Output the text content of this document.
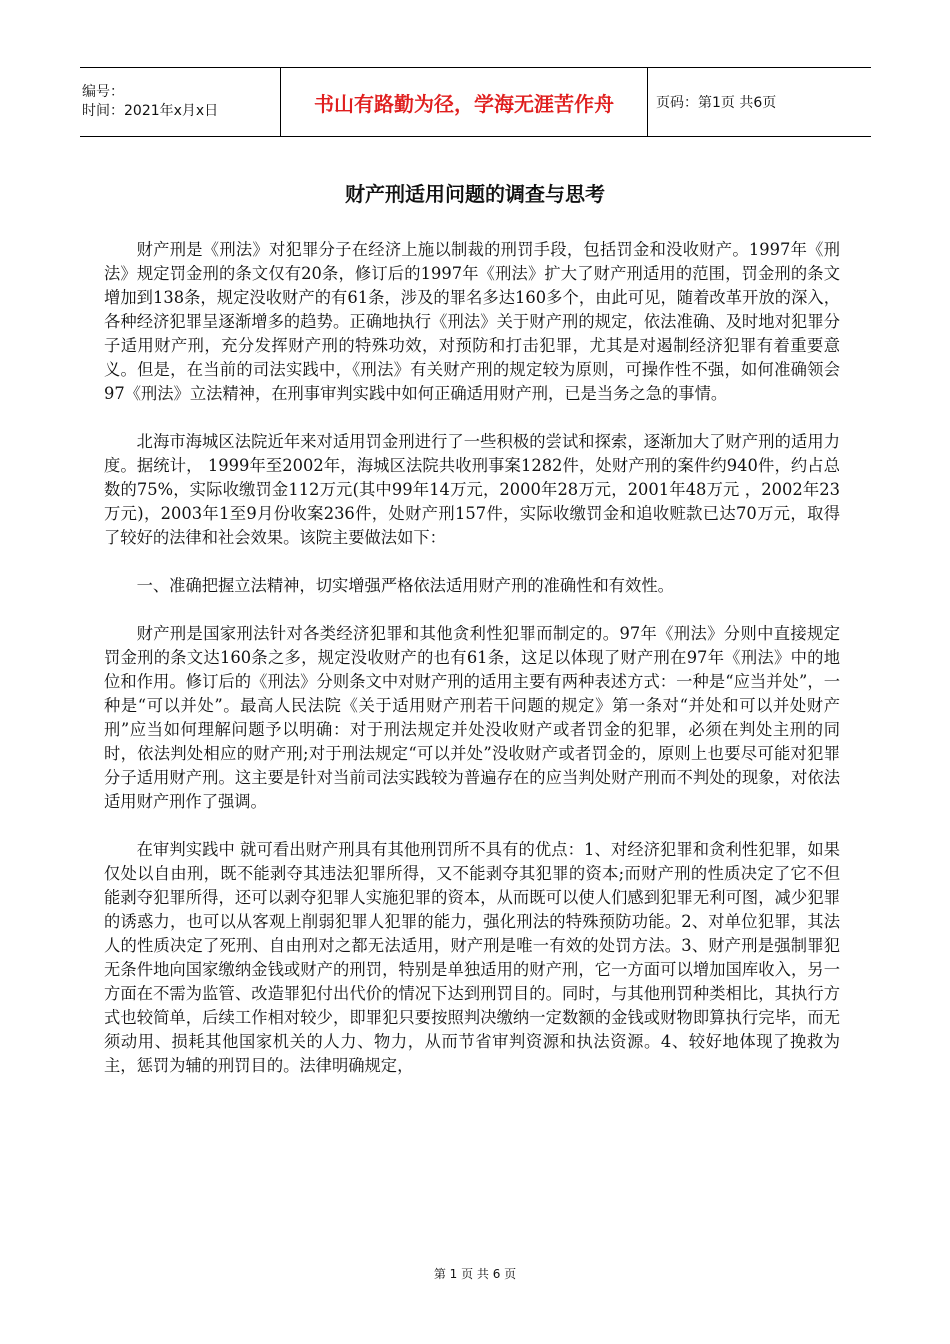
编号：
时间：2021年x月x日	书山有路勤为径，学海无涯苦作舟	页码：第1页 共6页
财产刑适用问题的调查与思考

财产刑是《刑法》对犯罪分子在经济上施以制裁的刑罚手段，包括罚金和没收财产。1997年《刑法》规定罚金刑的条文仅有20条，修订后的1997年《刑法》扩大了财产刑适用的范围，罚金刑的条文增加到138条，规定没收财产的有61条，涉及的罪名多达160多个，由此可见，随着改革开放的深入，各种经济犯罪呈逐渐增多的趋势。正确地执行《刑法》关于财产刑的规定，依法准确、及时地对犯罪分子适用财产刑，充分发挥财产刑的特殊功效，对预防和打击犯罪，尤其是对遏制经济犯罪有着重要意义。但是，在当前的司法实践中，《刑法》有关财产刑的规定较为原则，可操作性不强，如何准确领会97《刑法》立法精神，在刑事审判实践中如何正确适用财产刑，已是当务之急的事情。

北海市海城区法院近年来对适用罚金刑进行了一些积极的尝试和探索，逐渐加大了财产刑的适用力度。据统计， 1999年至2002年，海城区法院共收刑事案1282件，处财产刑的案件约940件，约占总数的75%，实际收缴罚金112万元(其中99年14万元，2000年28万元，2001年48万元 ，2002年23万元)，2003年1至9月份收案236件，处财产刑157件，实际收缴罚金和追收赃款已达70万元，取得了较好的法律和社会效果。该院主要做法如下：

一、准确把握立法精神，切实增强严格依法适用财产刑的准确性和有效性。

财产刑是国家刑法针对各类经济犯罪和其他贪利性犯罪而制定的。97年《刑法》分则中直接规定罚金刑的条文达160条之多，规定没收财产的也有61条，这足以体现了财产刑在97年《刑法》中的地位和作用。修订后的《刑法》分则条文中对财产刑的适用主要有两种表述方式：一种是“应当并处”，一种是“可以并处”。最高人民法院《关于适用财产刑若干问题的规定》第一条对“并处和可以并处财产刑”应当如何理解问题予以明确：对于刑法规定并处没收财产或者罚金的犯罪，必须在判处主刑的同时，依法判处相应的财产刑;对于刑法规定“可以并处”没收财产或者罚金的，原则上也要尽可能对犯罪分子适用财产刑。这主要是针对当前司法实践较为普遍存在的应当判处财产刑而不判处的现象，对依法适用财产刑作了强调。

在审判实践中 就可看出财产刑具有其他刑罚所不具有的优点：1、对经济犯罪和贪利性犯罪，如果仅处以自由刑，既不能剥夺其违法犯罪所得，又不能剥夺其犯罪的资本;而财产刑的性质决定了它不但能剥夺犯罪所得，还可以剥夺犯罪人实施犯罪的资本，从而既可以使人们感到犯罪无利可图，减少犯罪的诱惑力，也可以从客观上削弱犯罪人犯罪的能力，强化刑法的特殊预防功能。2、对单位犯罪，其法人的性质决定了死刑、自由刑对之都无法适用，财产刑是唯一有效的处罚方法。3、财产刑是强制罪犯无条件地向国家缴纳金钱或财产的刑罚，特别是单独适用的财产刑，它一方面可以增加国库收入，另一方面在不需为监管、改造罪犯付出代价的情况下达到刑罚目的。同时，与其他刑罚种类相比，其执行方式也较简单，后续工作相对较少，即罪犯只要按照判决缴纳一定数额的金钱或财物即算执行完毕，而无须动用、损耗其他国家机关的人力、物力，从而节省审判资源和执法资源。4、较好地体现了挽救为主，惩罚为辅的刑罚目的。法律明确规定，

第 1 页 共 6 页
